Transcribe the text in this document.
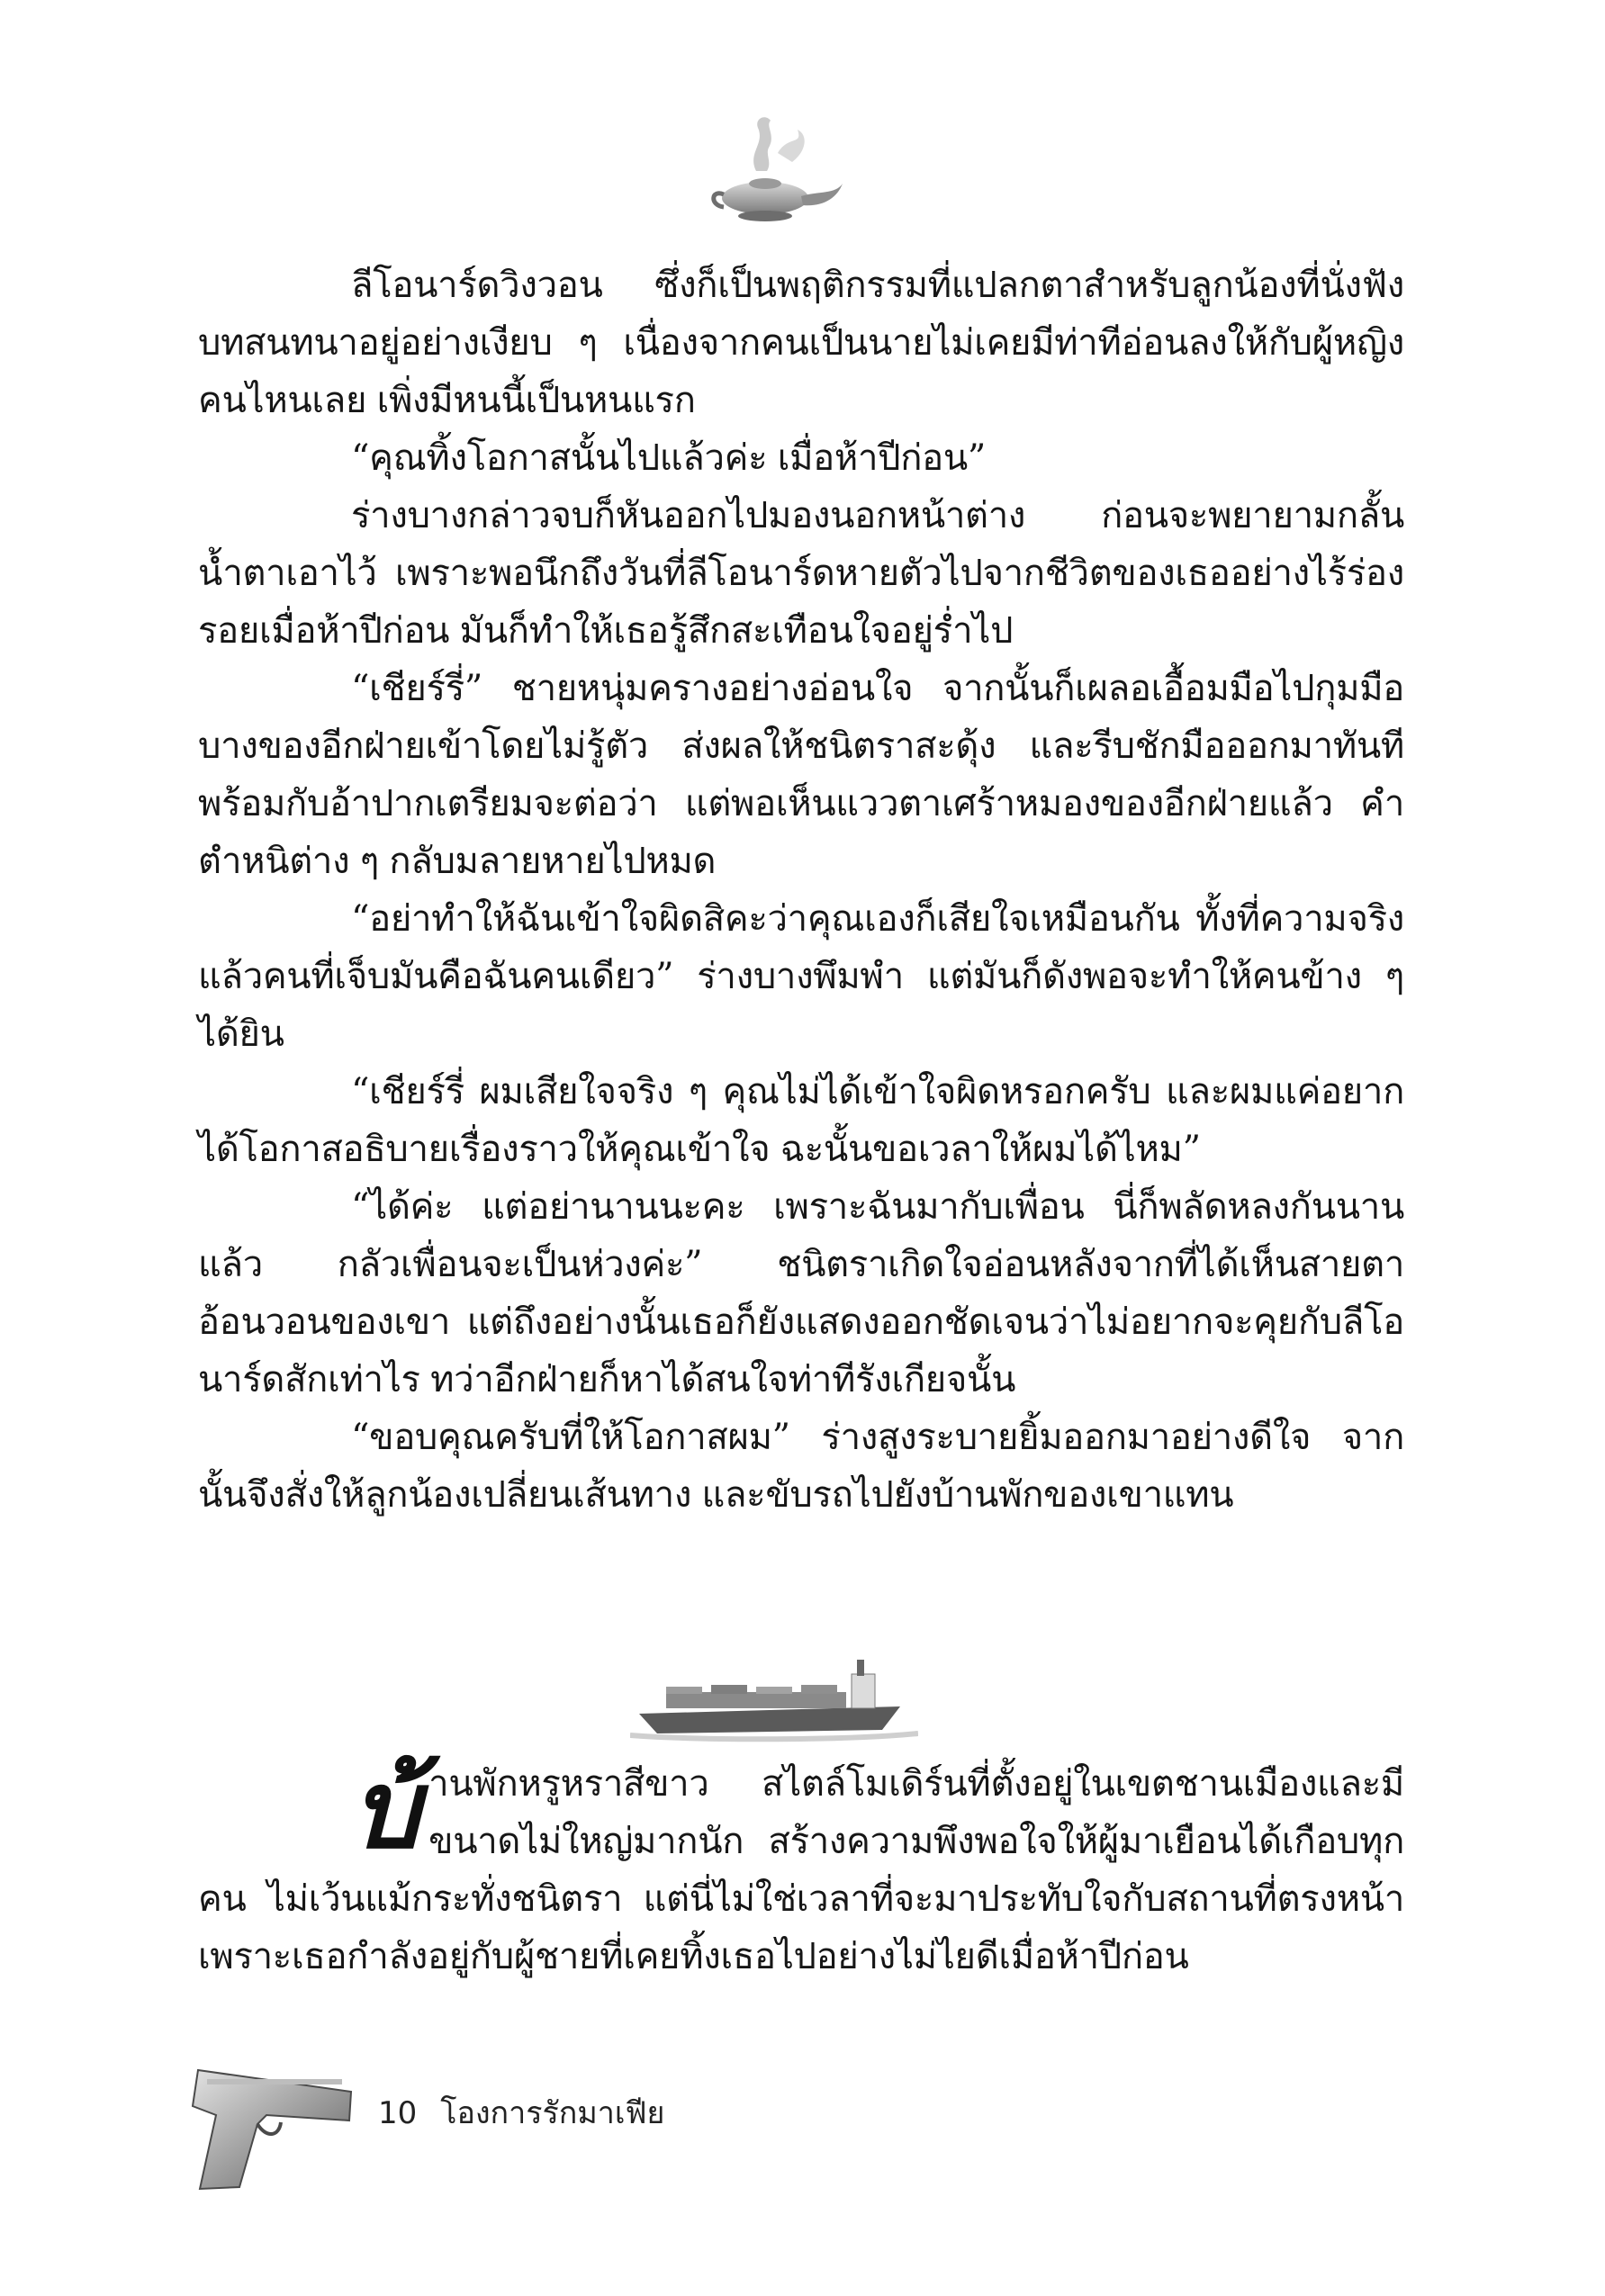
ลีโอนาร์ดวิงวอน ซึ่งก็เป็นพฤติกรรมที่แปลกตาสำหรับลูกน้องที่นั่งฟังบทสนทนาอยู่อย่างเงียบ ๆ เนื่องจากคนเป็นนายไม่เคยมีท่าทีอ่อนลงให้กับผู้หญิงคนไหนเลย เพิ่งมีหนนี้เป็นหนแรก

“คุณทิ้งโอกาสนั้นไปแล้วค่ะ เมื่อห้าปีก่อน”

ร่างบางกล่าวจบก็หันออกไปมองนอกหน้าต่าง ก่อนจะพยายามกลั้นน้ำตาเอาไว้ เพราะพอนึกถึงวันที่ลีโอนาร์ดหายตัวไปจากชีวิตของเธออย่างไร้ร่องรอยเมื่อห้าปีก่อน มันก็ทำให้เธอรู้สึกสะเทือนใจอยู่ร่ำไป

“เชียร์รี่” ชายหนุ่มครางอย่างอ่อนใจ จากนั้นก็เผลอเอื้อมมือไปกุมมือบางของอีกฝ่ายเข้าโดยไม่รู้ตัว ส่งผลให้ชนิตราสะดุ้ง และรีบชักมือออกมาทันที พร้อมกับอ้าปากเตรียมจะต่อว่า แต่พอเห็นแววตาเศร้าหมองของอีกฝ่ายแล้ว คำตำหนิต่าง ๆ กลับมลายหายไปหมด

“อย่าทำให้ฉันเข้าใจผิดสิคะว่าคุณเองก็เสียใจเหมือนกัน ทั้งที่ความจริงแล้วคนที่เจ็บมันคือฉันคนเดียว” ร่างบางพึมพำ แต่มันก็ดังพอจะทำให้คนข้าง ๆ ได้ยิน

“เชียร์รี่ ผมเสียใจจริง ๆ คุณไม่ได้เข้าใจผิดหรอกครับ และผมแค่อยากได้โอกาสอธิบายเรื่องราวให้คุณเข้าใจ ฉะนั้นขอเวลาให้ผมได้ไหม”

“ได้ค่ะ แต่อย่านานนะคะ เพราะฉันมากับเพื่อน นี่ก็พลัดหลงกันนานแล้ว กลัวเพื่อนจะเป็นห่วงค่ะ” ชนิตราเกิดใจอ่อนหลังจากที่ได้เห็นสายตาอ้อนวอนของเขา แต่ถึงอย่างนั้นเธอก็ยังแสดงออกชัดเจนว่าไม่อยากจะคุยกับลีโอนาร์ดสักเท่าไร ทว่าอีกฝ่ายก็หาได้สนใจท่าทีรังเกียจนั้น

“ขอบคุณครับที่ให้โอกาสผม” ร่างสูงระบายยิ้มออกมาอย่างดีใจ จากนั้นจึงสั่งให้ลูกน้องเปลี่ยนเส้นทาง และขับรถไปยังบ้านพักของเขาแทน

บ้ านพักหรูหราสีขาว สไตล์โมเดิร์นที่ตั้งอยู่ในเขตชานเมืองและมีขนาดไม่ใหญ่มากนัก สร้างความพึงพอใจให้ผู้มาเยือนได้เกือบทุกคน ไม่เว้นแม้กระทั่งชนิตรา แต่นี่ไม่ใช่เวลาที่จะมาประทับใจกับสถานที่ตรงหน้า เพราะเธอกำลังอยู่กับผู้ชายที่เคยทิ้งเธอไปอย่างไม่ไยดีเมื่อห้าปีก่อน

10 โองการรักมาเฟีย
